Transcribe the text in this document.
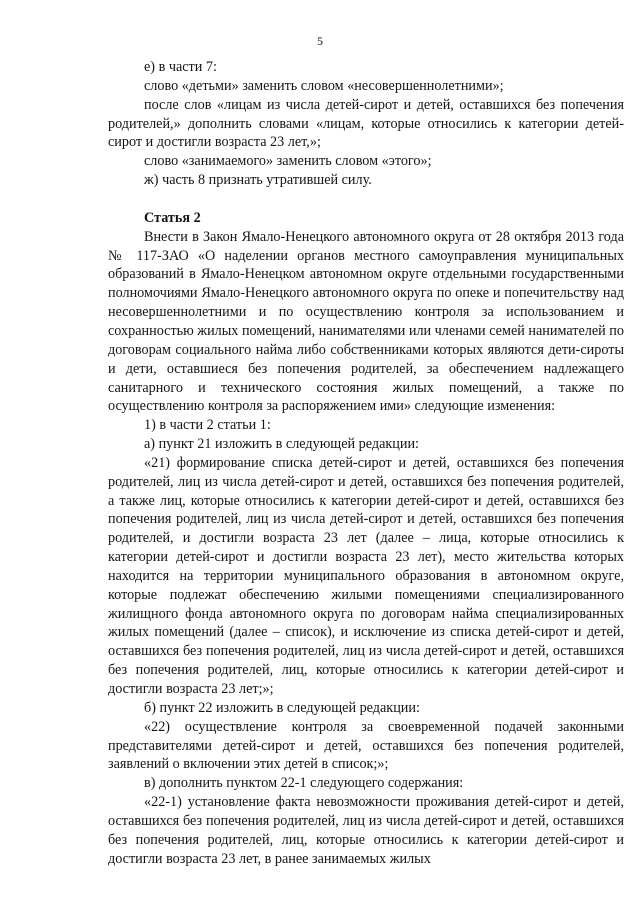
5

е) в части 7:

слово «детьми» заменить словом «несовершеннолетними»;

после слов «лицам из числа детей-сирот и детей, оставшихся без попечения родителей,» дополнить словами «лицам, которые относились к категории детей-сирот и достигли возраста 23 лет,»;

слово «занимаемого» заменить словом «этого»;

ж) часть 8 признать утратившей силу.

Статья 2

Внести в Закон Ямало-Ненецкого автономного округа от 28 октября 2013 года № 117-ЗАО «О наделении органов местного самоуправления муниципальных образований в Ямало-Ненецком автономном округе отдельными государственными полномочиями Ямало-Ненецкого автономного округа по опеке и попечительству над несовершеннолетними и по осуществлению контроля за использованием и сохранностью жилых помещений, нанимателями или членами семей нанимателей по договорам социального найма либо собственниками которых являются дети-сироты и дети, оставшиеся без попечения родителей, за обеспечением надлежащего санитарного и технического состояния жилых помещений, а также по осуществлению контроля за распоряжением ими» следующие изменения:

1) в части 2 статьи 1:

а) пункт 21 изложить в следующей редакции:

«21) формирование списка детей-сирот и детей, оставшихся без попечения родителей, лиц из числа детей-сирот и детей, оставшихся без попечения родителей, а также лиц, которые относились к категории детей-сирот и детей, оставшихся без попечения родителей, лиц из числа детей-сирот и детей, оставшихся без попечения родителей, и достигли возраста 23 лет (далее – лица, которые относились к категории детей-сирот и достигли возраста 23 лет), место жительства которых находится на территории муниципального образования в автономном округе, которые подлежат обеспечению жилыми помещениями специализированного жилищного фонда автономного округа по договорам найма специализированных жилых помещений (далее – список), и исключение из списка детей-сирот и детей, оставшихся без попечения родителей, лиц из числа детей-сирот и детей, оставшихся без попечения родителей, лиц, которые относились к категории детей-сирот и достигли возраста 23 лет;»;

б) пункт 22 изложить в следующей редакции:

«22) осуществление контроля за своевременной подачей законными представителями детей-сирот и детей, оставшихся без попечения родителей, заявлений о включении этих детей в список;»;

в) дополнить пунктом 22-1 следующего содержания:

«22-1) установление факта невозможности проживания детей-сирот и детей, оставшихся без попечения родителей, лиц из числа детей-сирот и детей, оставшихся без попечения родителей, лиц, которые относились к категории детей-сирот и достигли возраста 23 лет, в ранее занимаемых жилых
